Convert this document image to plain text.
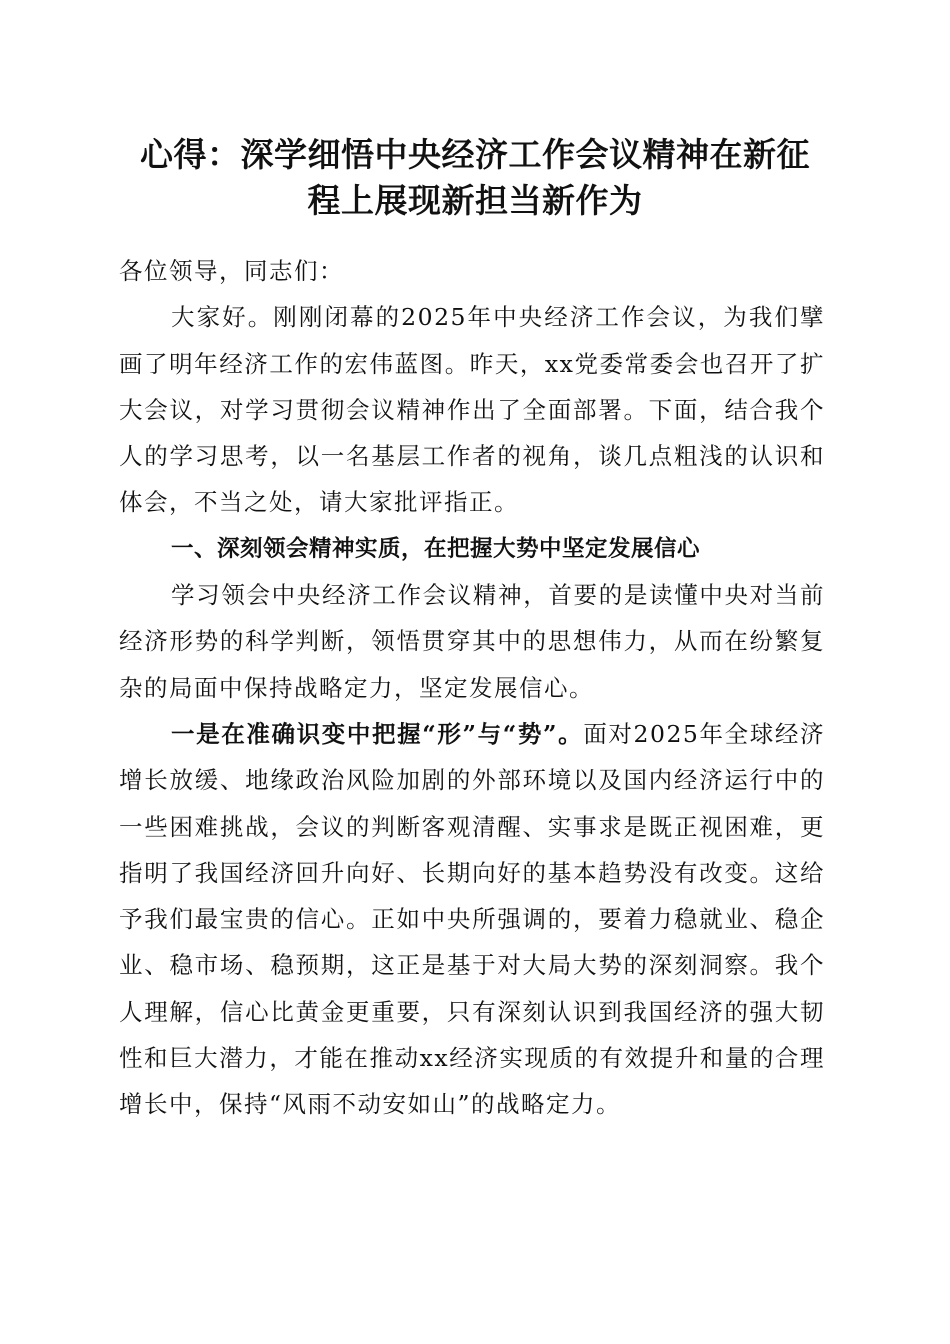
心得：深学细悟中央经济工作会议精神在新征
程上展现新担当新作为

各位领导，同志们：

大家好。刚刚闭幕的2025年中央经济工作会议，为我们擘画了明年经济工作的宏伟蓝图。昨天，xx党委常委会也召开了扩大会议，对学习贯彻会议精神作出了全面部署。下面，结合我个人的学习思考，以一名基层工作者的视角，谈几点粗浅的认识和体会，不当之处，请大家批评指正。

一、深刻领会精神实质，在把握大势中坚定发展信心

学习领会中央经济工作会议精神，首要的是读懂中央对当前经济形势的科学判断，领悟贯穿其中的思想伟力，从而在纷繁复杂的局面中保持战略定力，坚定发展信心。

一是在准确识变中把握“形”与“势”。面对2025年全球经济增长放缓、地缘政治风险加剧的外部环境以及国内经济运行中的一些困难挑战，会议的判断客观清醒、实事求是既正视困难，更指明了我国经济回升向好、长期向好的基本趋势没有改变。这给予我们最宝贵的信心。正如中央所强调的，要着力稳就业、稳企业、稳市场、稳预期，这正是基于对大局大势的深刻洞察。我个人理解，信心比黄金更重要，只有深刻认识到我国经济的强大韧性和巨大潜力，才能在推动xx经济实现质的有效提升和量的合理增长中，保持“风雨不动安如山”的战略定力。
